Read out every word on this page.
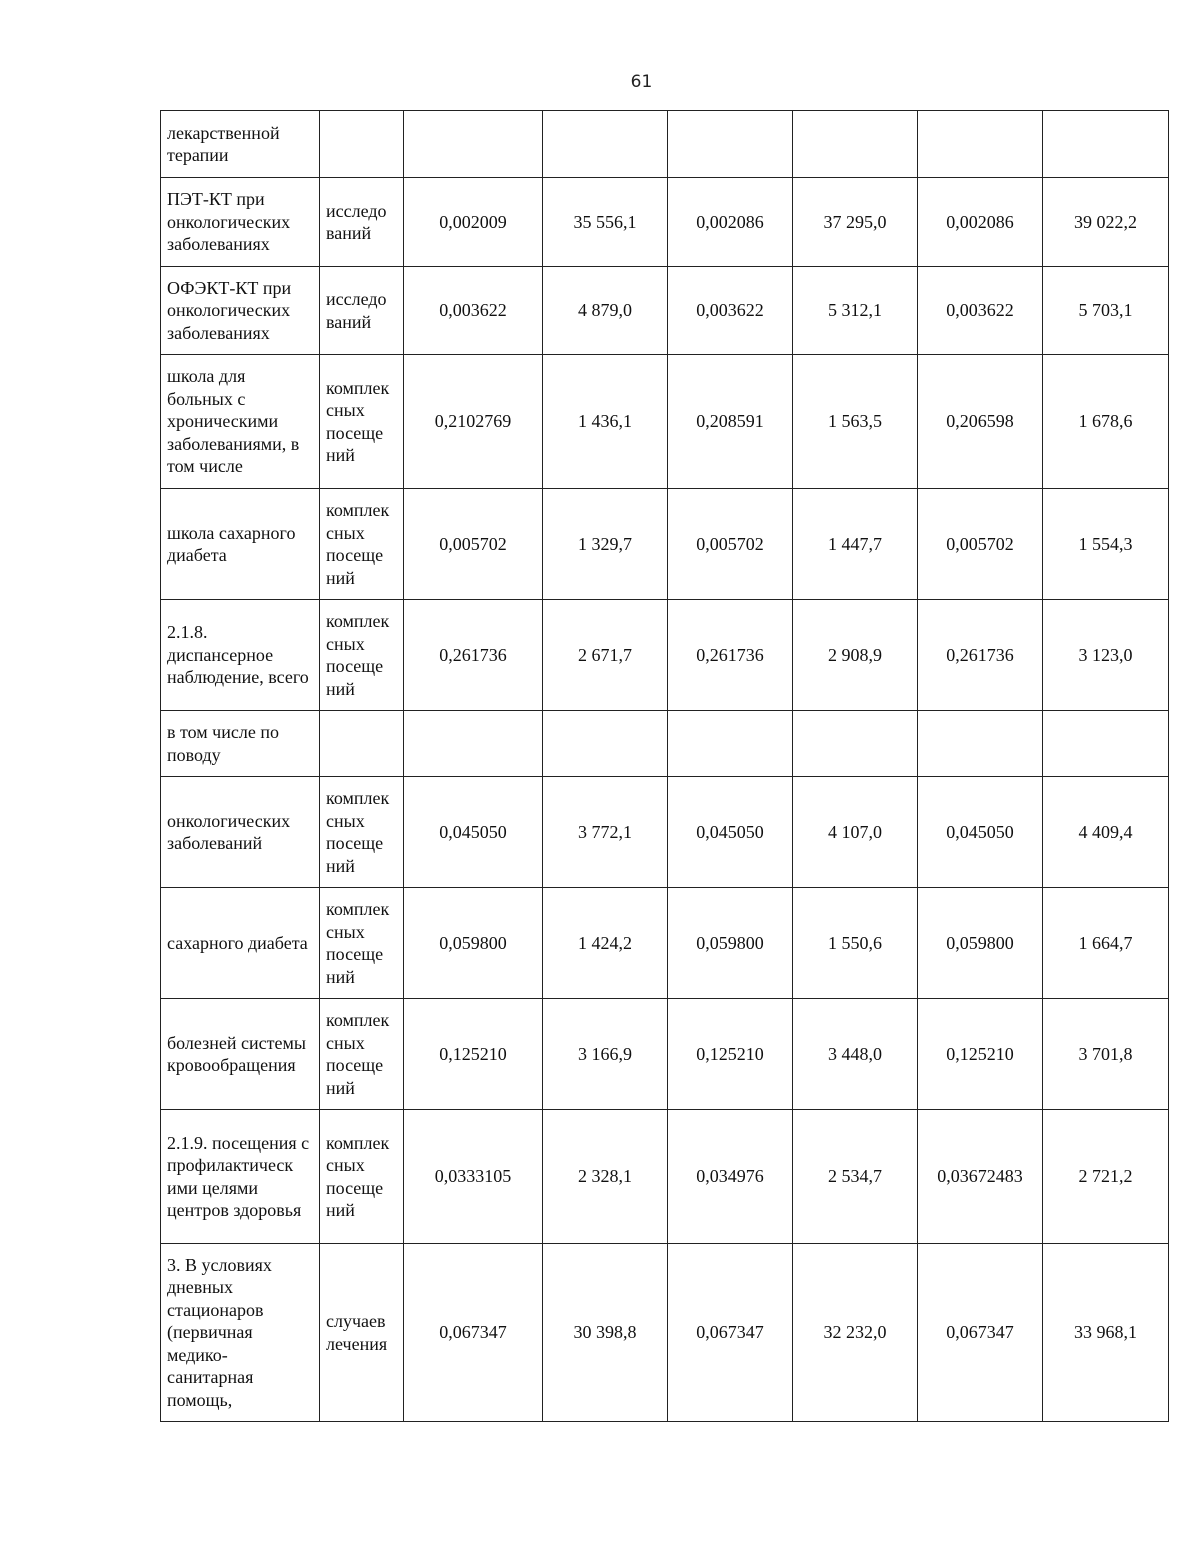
61
лекарственной терапии							
ПЭТ-КТ при онкологических заболеваниях	исследо ваний	0,002009	35 556,1	0,002086	37 295,0	0,002086	39 022,2
ОФЭКТ-КТ при онкологических заболеваниях	исследо ваний	0,003622	4 879,0	0,003622	5 312,1	0,003622	5 703,1
школа для больных с хроническими заболеваниями, в том числе	комплек сных посеще ний	0,2102769	1 436,1	0,208591	1 563,5	0,206598	1 678,6
школа сахарного диабета	комплек сных посеще ний	0,005702	1 329,7	0,005702	1 447,7	0,005702	1 554,3
2.1.8. диспансерное наблюдение, всего	комплек сных посеще ний	0,261736	2 671,7	0,261736	2 908,9	0,261736	3 123,0
в том числе по поводу							
онкологических заболеваний	комплек сных посеще ний	0,045050	3 772,1	0,045050	4 107,0	0,045050	4 409,4
сахарного диабета	комплек сных посеще ний	0,059800	1 424,2	0,059800	1 550,6	0,059800	1 664,7
болезней системы кровообращения	комплек сных посеще ний	0,125210	3 166,9	0,125210	3 448,0	0,125210	3 701,8
2.1.9. посещения с профилактическ ими целями центров здоровья	комплек сных посеще ний	0,0333105	2 328,1	0,034976	2 534,7	0,03672483	2 721,2
3. В условиях дневных стационаров (первичная медико-санитарная помощь,	случаев лечения	0,067347	30 398,8	0,067347	32 232,0	0,067347	33 968,1
